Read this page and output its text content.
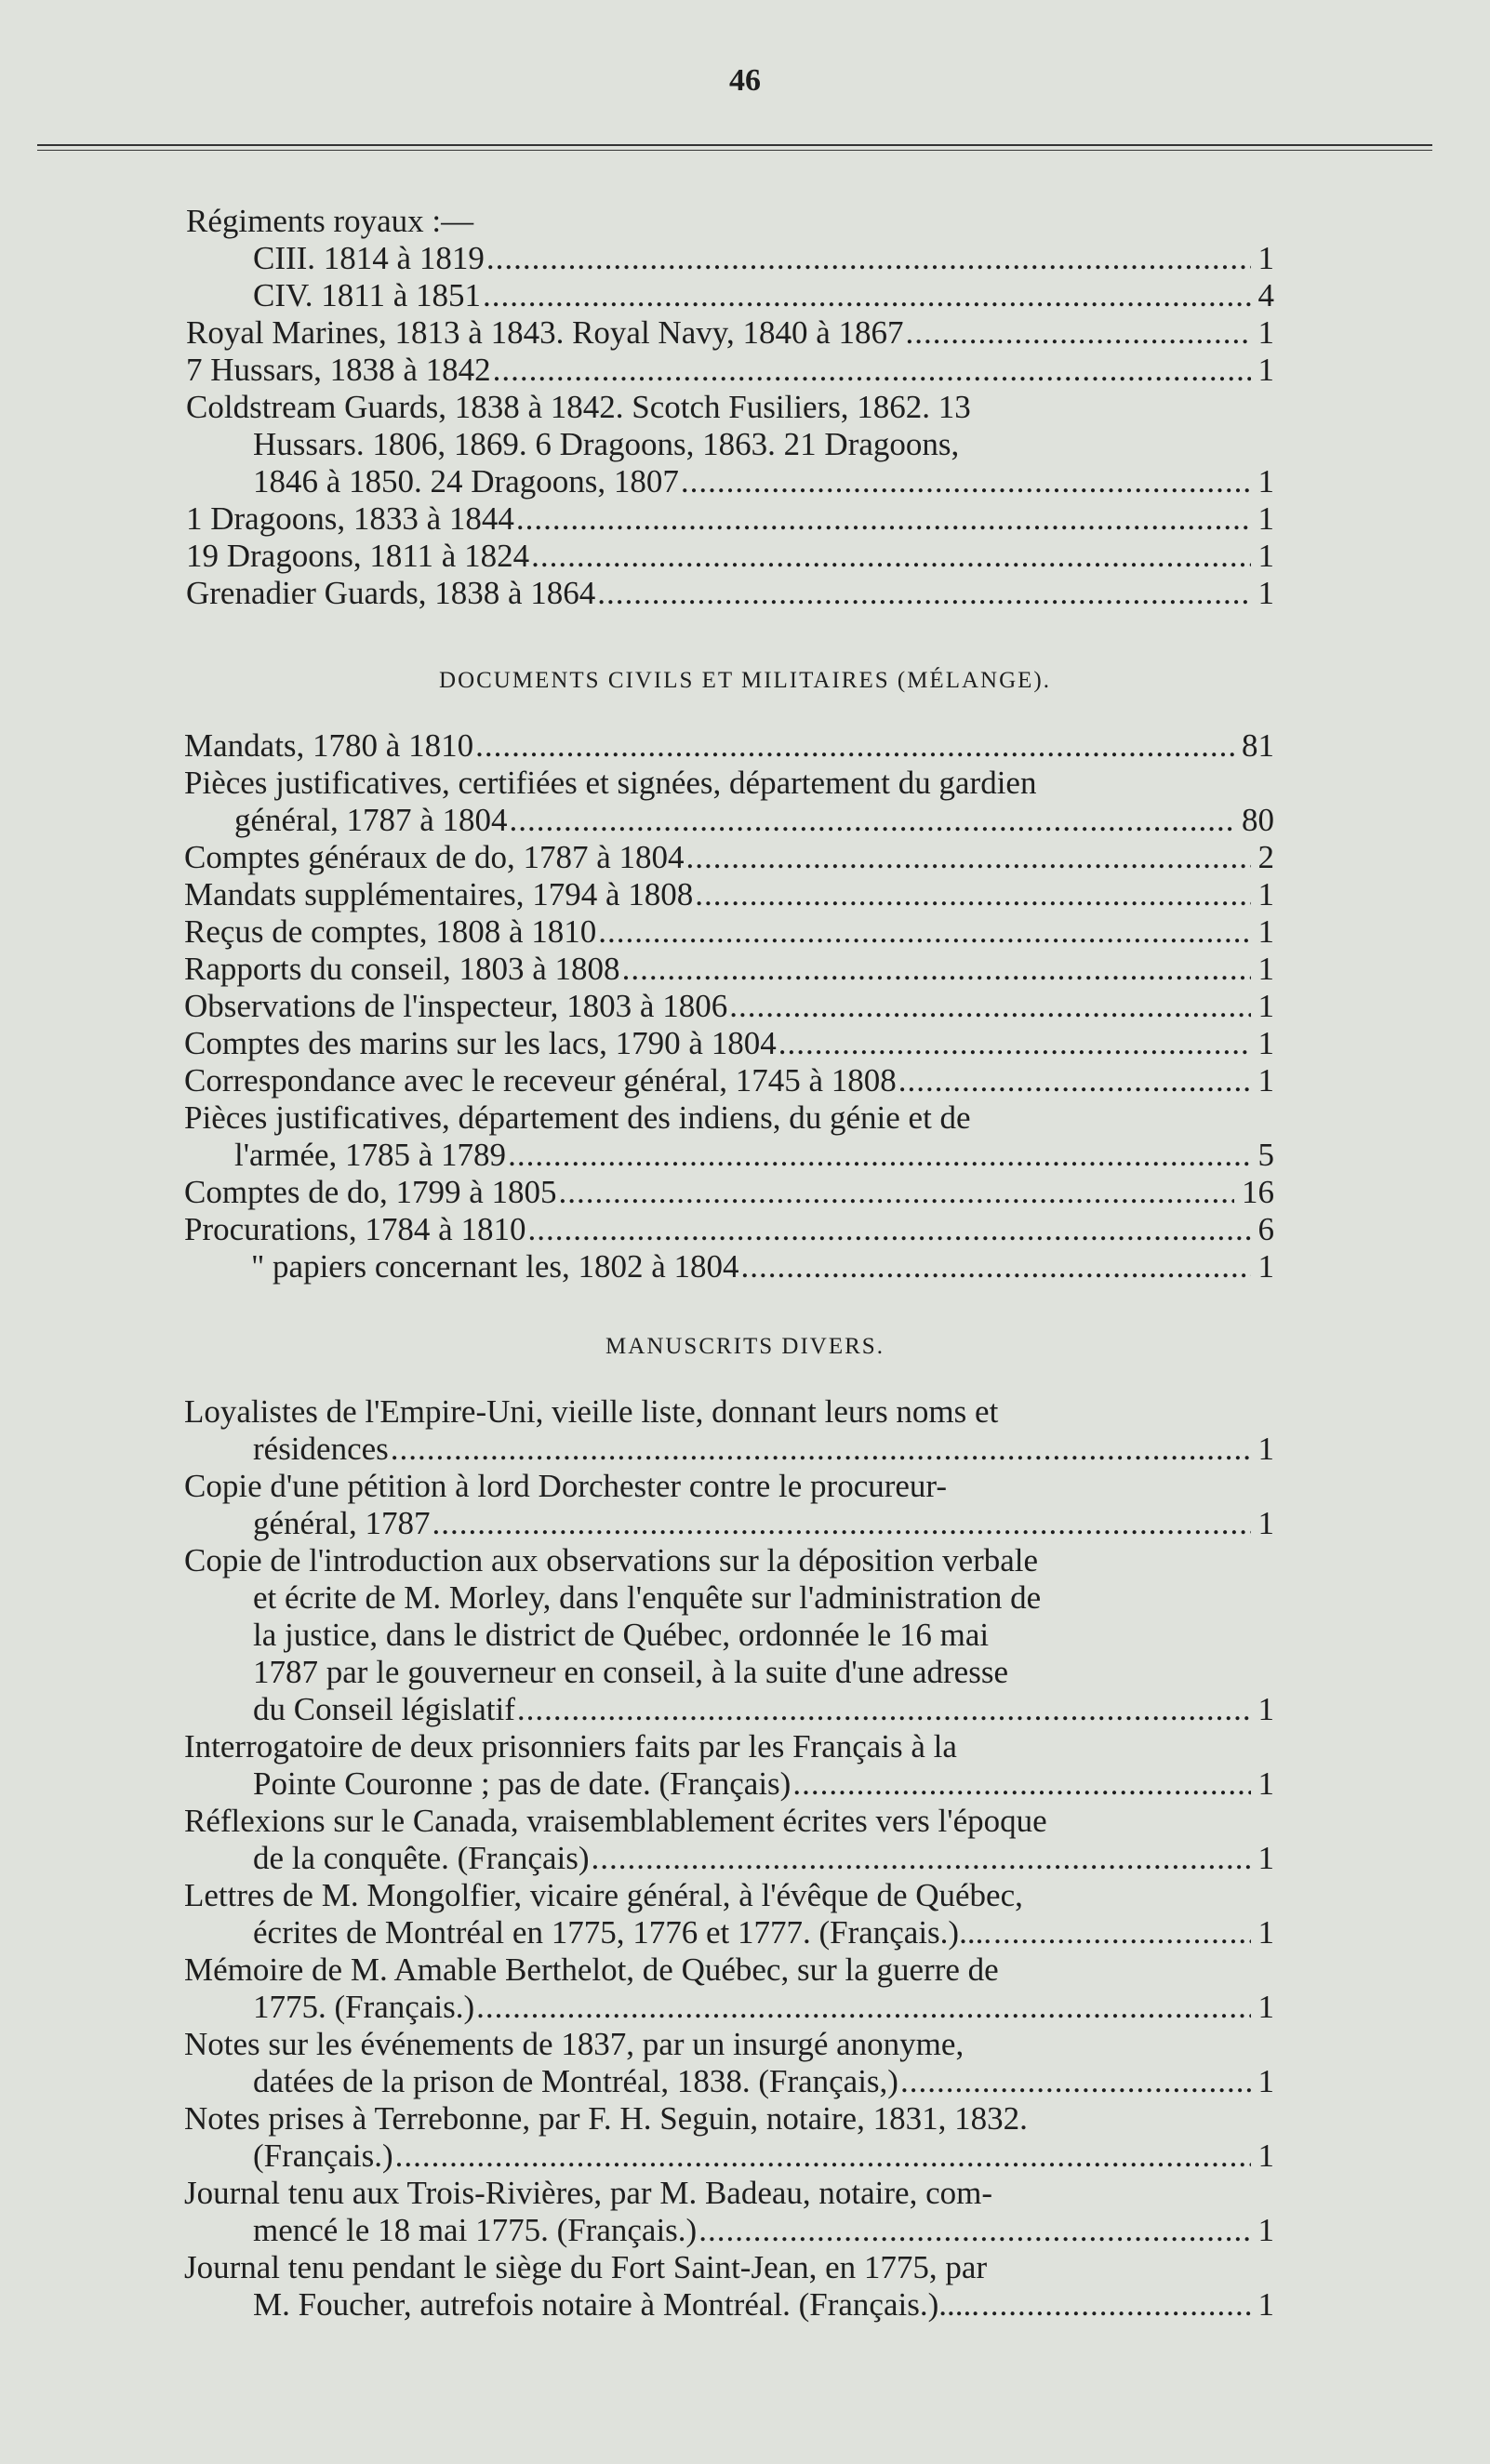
46
Régiments royaux :—
CIII. 1814 à 1819 .....	1
CIV. 1811 à 1851 .....	4
Royal Marines, 1813 à 1843. Royal Navy, 1840 à 1867 .....	1
7 Hussars, 1838 à 1842 .....	1
Coldstream Guards, 1838 à 1842. Scotch Fusiliers, 1862. 13
Hussars. 1806, 1869. 6 Dragoons, 1863. 21 Dragoons,
1846 à 1850. 24 Dragoons, 1807 .....	1
1 Dragoons, 1833 à 1844 .....	1
19 Dragoons, 1811 à 1824 .....	1
Grenadier Guards, 1838 à 1864 .....	1
DOCUMENTS CIVILS ET MILITAIRES (MÉLANGE).
Mandats, 1780 à 1810 .....	81
Pièces justificatives, certifiées et signées, département du gardien
général, 1787 à 1804 .....	80
Comptes généraux de do, 1787 à 1804 .....	2
Mandats supplémentaires, 1794 à 1808 .....	1
Reçus de comptes, 1808 à 1810 .....	1
Rapports du conseil, 1803 à 1808 .....	1
Observations de l'inspecteur, 1803 à 1806 .....	1
Comptes des marins sur les lacs, 1790 à 1804 .....	1
Correspondance avec le receveur général, 1745 à 1808 .....	1
Pièces justificatives, département des indiens, du génie et de
l'armée, 1785 à 1789 .....	5
Comptes de do, 1799 à 1805 .....	16
Procurations, 1784 à 1810 .....	6
" papiers concernant les, 1802 à 1804 .....	1
MANUSCRITS DIVERS.
Loyalistes de l'Empire-Uni, vieille liste, donnant leurs noms et
résidences .....	1
Copie d'une pétition à lord Dorchester contre le procureur-
général, 1787 .....	1
Copie de l'introduction aux observations sur la déposition verbale
et écrite de M. Morley, dans l'enquête sur l'administration de
la justice, dans le district de Québec, ordonnée le 16 mai
1787 par le gouverneur en conseil, à la suite d'une adresse
du Conseil législatif .....	1
Interrogatoire de deux prisonniers faits par les Français à la
Pointe Couronne ; pas de date. (Français) .....	1
Réflexions sur le Canada, vraisemblablement écrites vers l'époque
de la conquête. (Français) .....	1
Lettres de M. Mongolfier, vicaire général, à l'évêque de Québec,
écrites de Montréal en 1775, 1776 et 1777. (Français.).... .....	1
Mémoire de M. Amable Berthelot, de Québec, sur la guerre de
1775. (Français.) .....	1
Notes sur les événements de 1837, par un insurgé anonyme,
datées de la prison de Montréal, 1838. (Français,) .....	1
Notes prises à Terrebonne, par F. H. Seguin, notaire, 1831, 1832.
(Français.) .....	1
Journal tenu aux Trois-Rivières, par M. Badeau, notaire, com-
mencé le 18 mai 1775. (Français.) .....	1
Journal tenu pendant le siège du Fort Saint-Jean, en 1775, par
M. Foucher, autrefois notaire à Montréal. (Français.)..... .....	1
